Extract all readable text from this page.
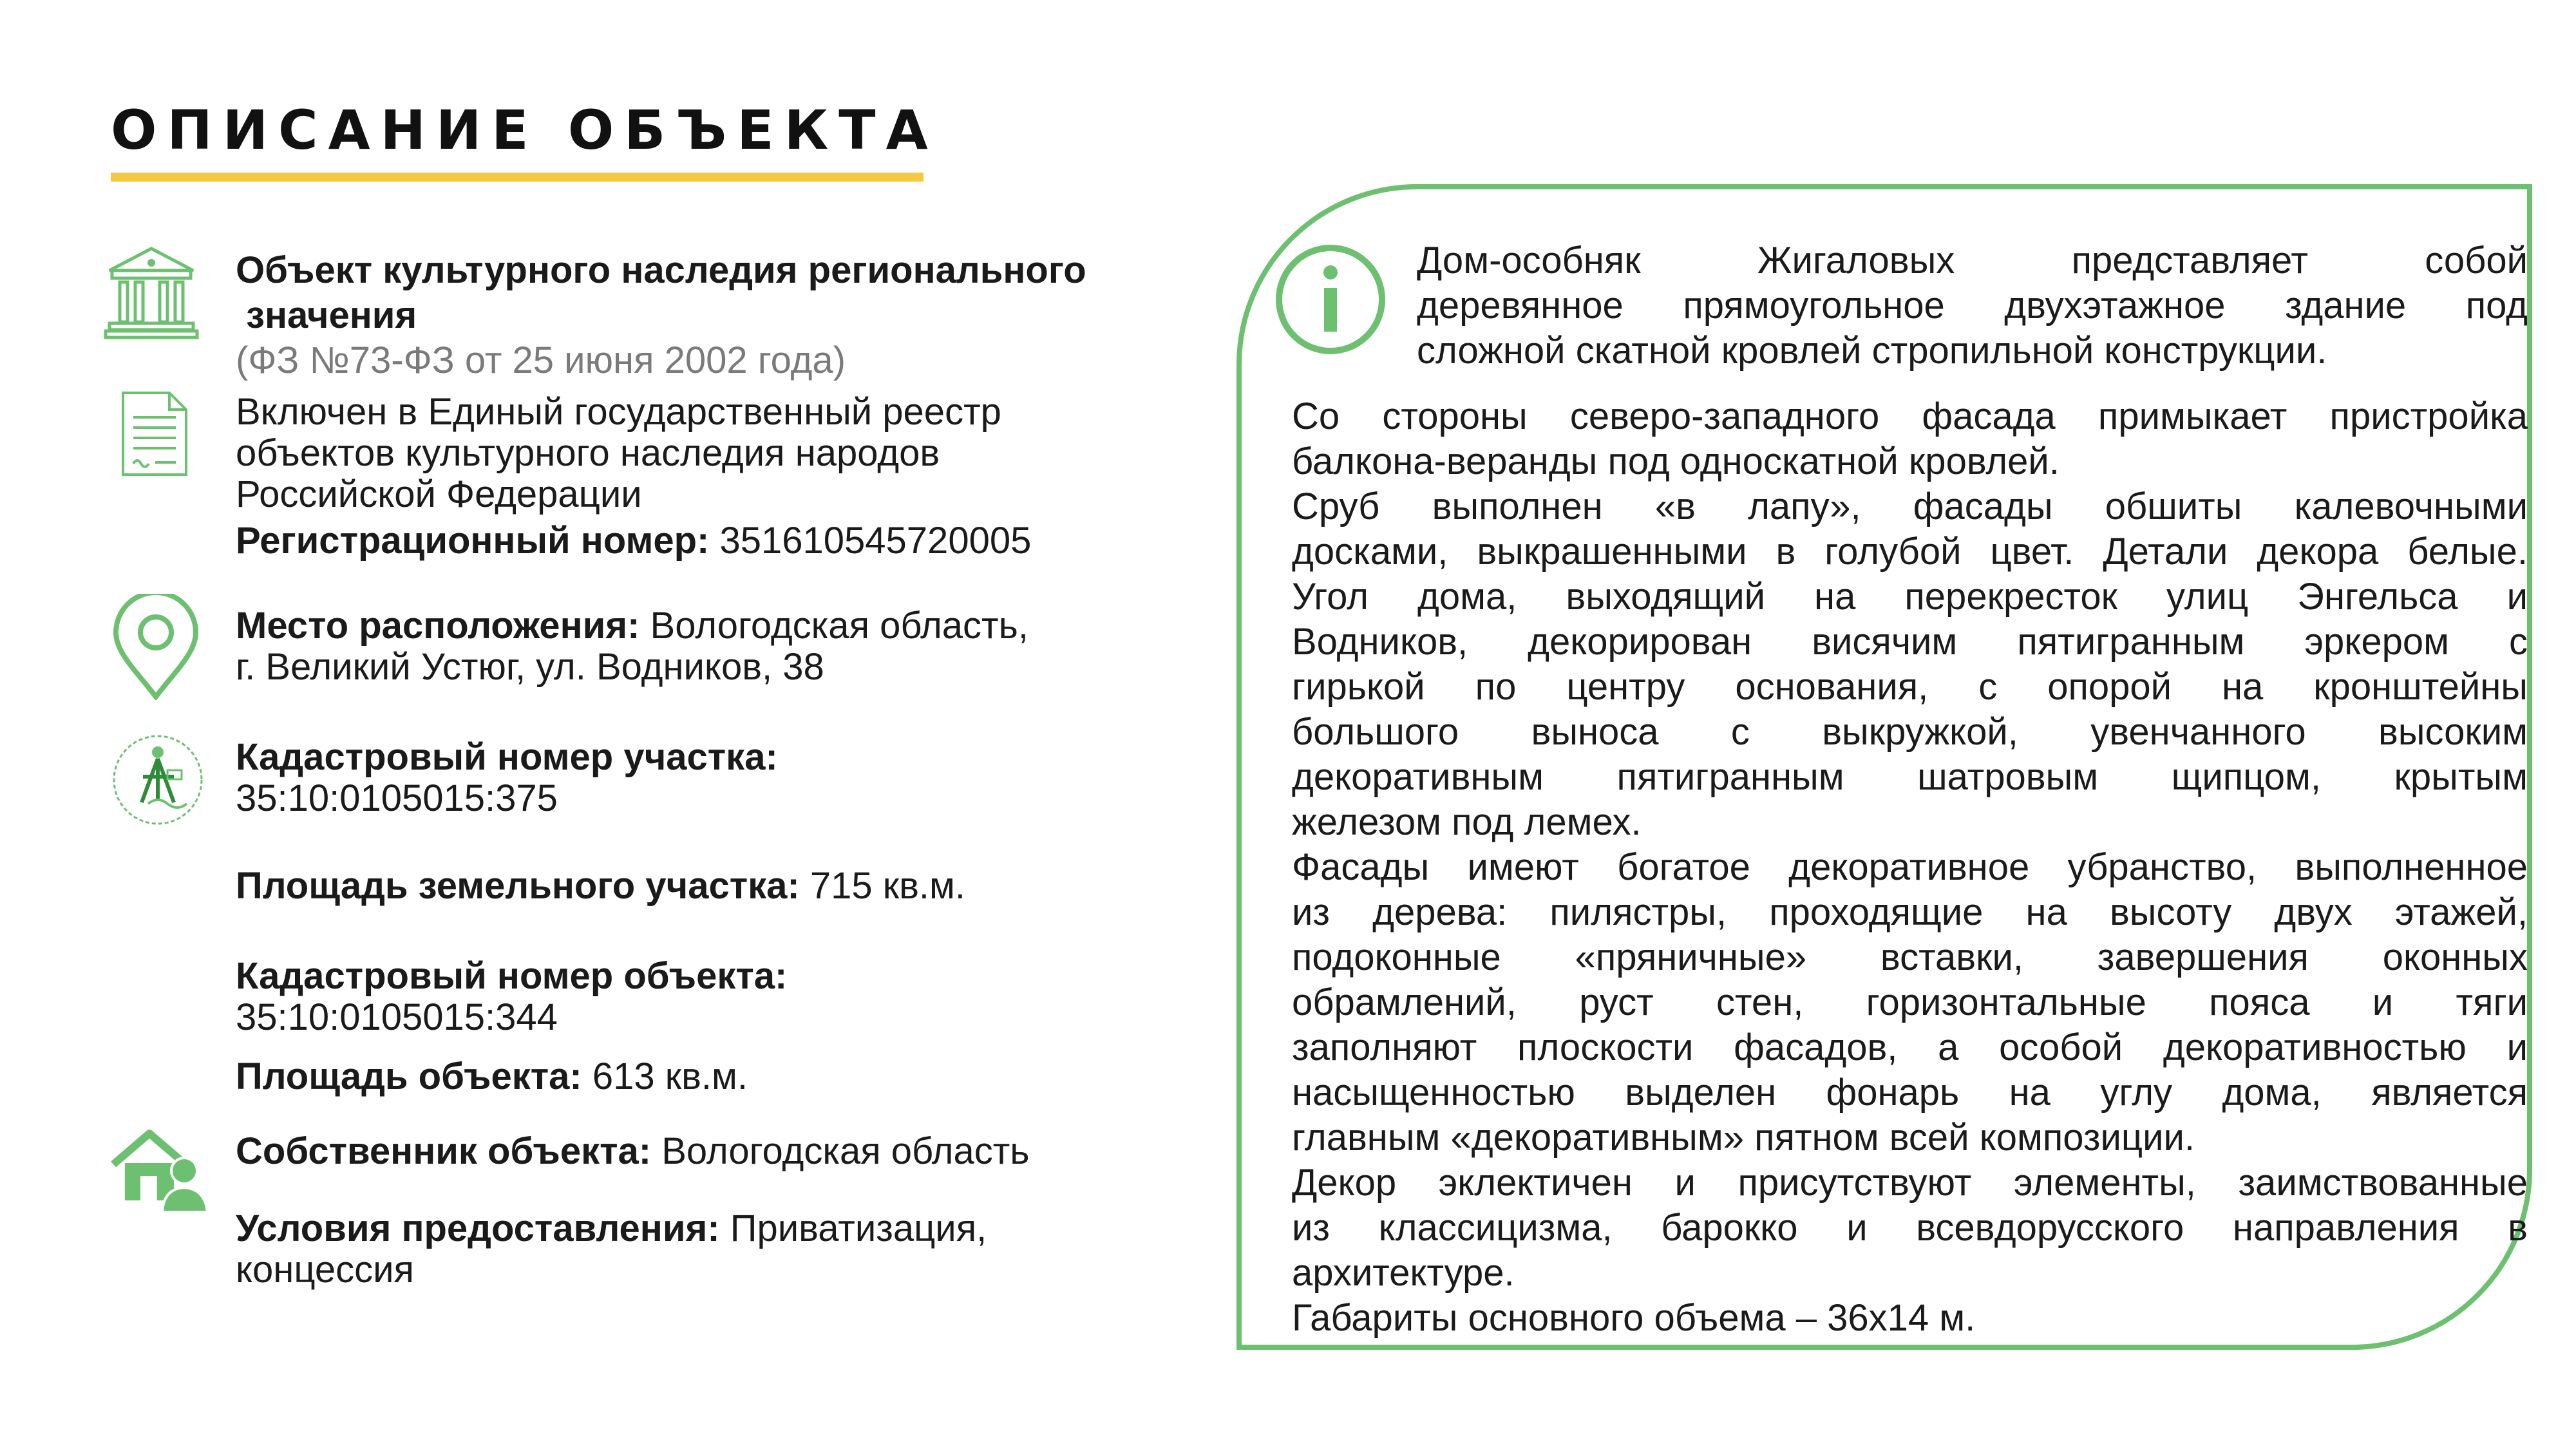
ОПИСАНИЕ ОБЪЕКТА
Объект культурного наследия регионального
значения
(ФЗ №73-ФЗ от 25 июня 2002 года)
Включен в Единый государственный реестр
объектов культурного наследия народов
Российской Федерации
Регистрационный номер: 351610545720005
Место расположения: Вологодская область,
г. Великий Устюг, ул. Водников, 38
Кадастровый номер участка:
35:10:0105015:375
Площадь земельного участка: 715 кв.м.
Кадастровый номер объекта:
35:10:0105015:344
Площадь объекта: 613 кв.м.
Собственник объекта: Вологодская область
Условия предоставления: Приватизация,
концессия
Дом-особняк Жигаловых представляет собой
деревянное прямоугольное двухэтажное здание под
сложной скатной кровлей стропильной конструкции.
Со стороны северо-западного фасада примыкает пристройка
балкона-веранды под односкатной кровлей.
Сруб выполнен «в лапу», фасады обшиты калевочными
досками, выкрашенными в голубой цвет. Детали декора белые.
Угол дома, выходящий на перекресток улиц Энгельса и
Водников, декорирован висячим пятигранным эркером с
гирькой по центру основания, с опорой на кронштейны
большого выноса с выкружкой, увенчанного высоким
декоративным пятигранным шатровым щипцом, крытым
железом под лемех.
Фасады имеют богатое декоративное убранство, выполненное
из дерева: пилястры, проходящие на высоту двух этажей,
подоконные «пряничные» вставки, завершения оконных
обрамлений, руст стен, горизонтальные пояса и тяги
заполняют плоскости фасадов, а особой декоративностью и
насыщенностью выделен фонарь на углу дома, является
главным «декоративным» пятном всей композиции.
Декор эклектичен и присутствуют элементы, заимствованные
из классицизма, барокко и всевдорусского направления в
архитектуре.
Габариты основного объема – 36х14 м.
